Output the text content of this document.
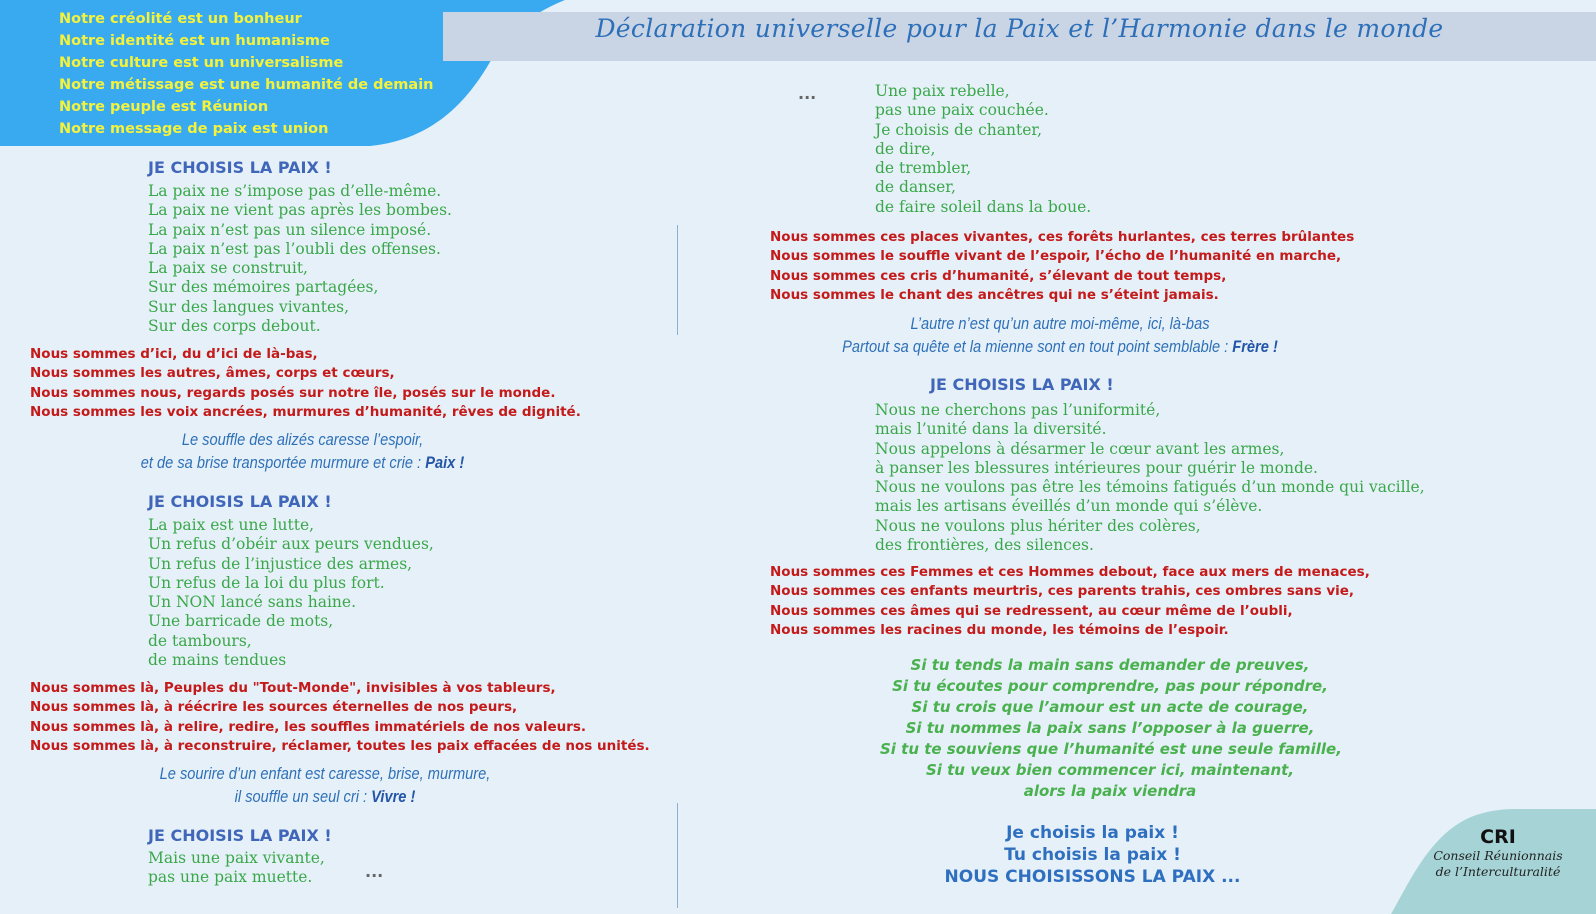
Notre créolité est un bonheur
Notre identité est un humanisme
Notre culture est un universalisme
Notre métissage est une humanité de demain
Notre peuple est Réunion
Notre message de paix est union
Déclaration universelle pour la Paix et l’Harmonie dans le monde
JE CHOISIS LA PAIX !
La paix ne s’impose pas d’elle-même.
La paix ne vient pas après les bombes.
La paix n’est pas un silence imposé.
La paix n’est pas l’oubli des offenses.
La paix se construit,
Sur des mémoires partagées,
Sur des langues vivantes,
Sur des corps debout.
Nous sommes d’ici, du d’ici de là-bas,
Nous sommes les autres, âmes, corps et cœurs,
Nous sommes nous, regards posés sur notre île, posés sur le monde.
Nous sommes les voix ancrées, murmures d’humanité, rêves de dignité.
Le souffle des alizés caresse l’espoir,
et de sa brise transportée murmure et crie : Paix !
JE CHOISIS LA PAIX !
La paix est une lutte,
Un refus d’obéir aux peurs vendues,
Un refus de l’injustice des armes,
Un refus de la loi du plus fort.
Un NON lancé sans haine.
Une barricade de mots,
de tambours,
de mains tendues
Nous sommes là, Peuples du "Tout-Monde", invisibles à vos tableurs,
Nous sommes là, à réécrire les sources éternelles de nos peurs,
Nous sommes là, à relire, redire, les souffles immatériels de nos valeurs.
Nous sommes là, à reconstruire, réclamer, toutes les paix effacées de nos unités.
Le sourire d’un enfant est caresse, brise, murmure,
il souffle un seul cri : Vivre !
JE CHOISIS LA PAIX !
Mais une paix vivante,
pas une paix muette.	...
...	Une paix rebelle,
pas une paix couchée.
Je choisis de chanter,
de dire,
de trembler,
de danser,
de faire soleil dans la boue.
Nous sommes ces places vivantes, ces forêts hurlantes, ces terres brûlantes
Nous sommes le souffle vivant de l’espoir, l’écho de l’humanité en marche,
Nous sommes ces cris d’humanité, s’élevant de tout temps,
Nous sommes le chant des ancêtres qui ne s’éteint jamais.
L’autre n’est qu’un autre moi-même, ici, là-bas
Partout sa quête et la mienne sont en tout point semblable : Frère !
JE CHOISIS LA PAIX !
Nous ne cherchons pas l’uniformité,
mais l’unité dans la diversité.
Nous appelons à désarmer le cœur avant les armes,
à panser les blessures intérieures pour guérir le monde.
Nous ne voulons pas être les témoins fatigués d’un monde qui vacille,
mais les artisans éveillés d’un monde qui s’élève.
Nous ne voulons plus hériter des colères,
des frontières, des silences.
Nous sommes ces Femmes et ces Hommes debout, face aux mers de menaces,
Nous sommes ces enfants meurtris, ces parents trahis, ces ombres sans vie,
Nous sommes ces âmes qui se redressent, au cœur même de l’oubli,
Nous sommes les racines du monde, les témoins de l’espoir.
Si tu tends la main sans demander de preuves,
Si tu écoutes pour comprendre, pas pour répondre,
Si tu crois que l’amour est un acte de courage,
Si tu nommes la paix sans l’opposer à la guerre,
Si tu te souviens que l’humanité est une seule famille,
Si tu veux bien commencer ici, maintenant,
alors la paix viendra
Je choisis la paix !
Tu choisis la paix !
NOUS CHOISISSONS LA PAIX ...
CRI
Conseil Réunionnais
de l’Interculturalité
